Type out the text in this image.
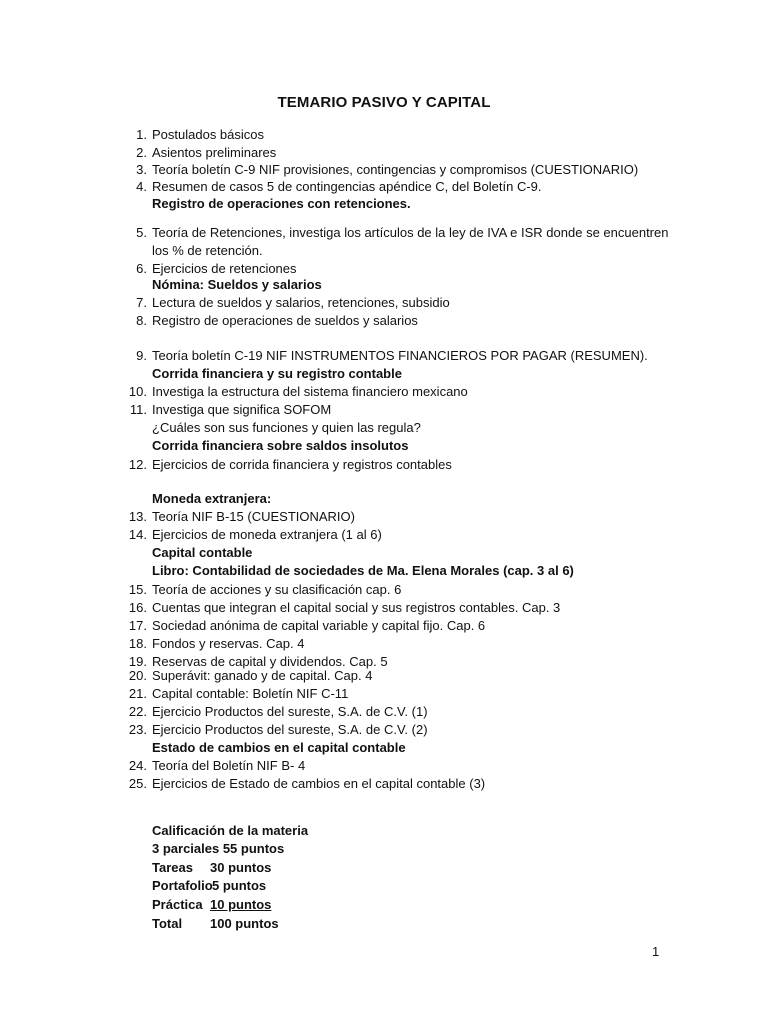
TEMARIO PASIVO Y CAPITAL
1. Postulados básicos
2. Asientos preliminares
3. Teoría boletín C-9 NIF provisiones, contingencias y compromisos (CUESTIONARIO)
4. Resumen de casos 5 de contingencias apéndice C, del Boletín C-9.
Registro de operaciones con retenciones.
5. Teoría de Retenciones, investiga los artículos de la ley de IVA e ISR donde se encuentren
los % de retención.
6. Ejercicios de retenciones
Nómina: Sueldos y salarios
7. Lectura de sueldos y salarios, retenciones, subsidio
8. Registro de operaciones de sueldos y salarios
9. Teoría boletín C-19 NIF INSTRUMENTOS FINANCIEROS POR PAGAR (RESUMEN).
Corrida financiera y su registro contable
10. Investiga la estructura del sistema financiero mexicano
11. Investiga que significa SOFOM
¿Cuáles son sus funciones y quien las regula?
Corrida financiera sobre saldos insolutos
12. Ejercicios de corrida financiera y registros contables
Moneda extranjera:
13. Teoría NIF B-15 (CUESTIONARIO)
14. Ejercicios de moneda extranjera (1 al 6)
Capital contable
Libro: Contabilidad de sociedades de Ma. Elena Morales (cap. 3 al 6)
15. Teoría de acciones y su clasificación cap. 6
16. Cuentas que integran el capital social y sus registros contables. Cap. 3
17. Sociedad anónima de capital variable y capital fijo. Cap. 6
18. Fondos y reservas. Cap. 4
19. Reservas de capital y dividendos. Cap. 5
20. Superávit: ganado y de capital. Cap. 4
21. Capital contable: Boletín NIF C-11
22. Ejercicio Productos del sureste, S.A. de C.V. (1)
23. Ejercicio Productos del sureste, S.A. de C.V. (2)
Estado de cambios en el capital contable
24. Teoría del Boletín NIF B- 4
25. Ejercicios de Estado de cambios en el capital contable (3)
Calificación de la materia
3 parciales 55 puntos
Tareas 30 puntos
Portafolio5 puntos
Práctica 10 puntos
Total 100 puntos
1
